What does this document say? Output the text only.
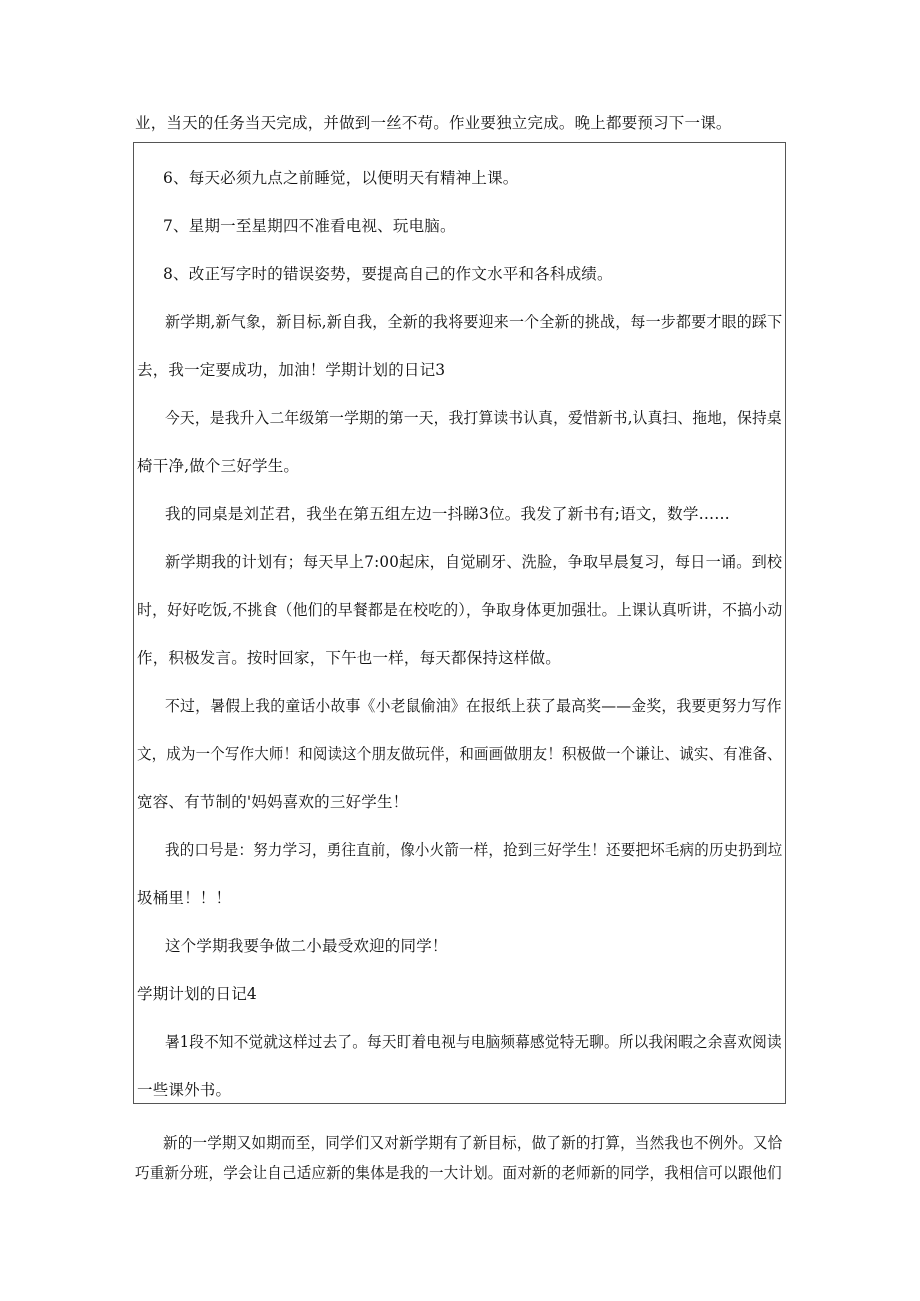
业，当天的任务当天完成，并做到一丝不苟。作业要独立完成。晚上都要预习下一课。
6、每天必须九点之前睡觉，以便明天有精神上课。
7、星期一至星期四不准看电视、玩电脑。
8、改正写字时的错误姿势，要提高自己的作文水平和各科成绩。
新学期,新气象，新目标,新自我，全新的我将要迎来一个全新的挑战，每一步都要才眼的踩下
去，我一定要成功，加油！学期计划的日记3
今天，是我升入二年级第一学期的第一天，我打算读书认真，爱惜新书,认真扫、拖地，保持桌
椅干净,做个三好学生。
我的同桌是刘芷君，我坐在第五组左边一抖睇3位。我发了新书有;语文，数学……
新学期我的计划有；每天早上7:00起床，自觉刷牙、洗脸，争取早晨复习，每日一诵。到校
时，好好吃饭,不挑食（他们的早餐都是在校吃的），争取身体更加强壮。上课认真听讲，不搞小动
作，积极发言。按时回家，下午也一样，每天都保持这样做。
不过，暑假上我的童话小故事《小老鼠偷油》在报纸上获了最高奖——金奖，我要更努力写作
文，成为一个写作大师！和阅读这个朋友做玩伴，和画画做朋友！积极做一个谦让、诚实、有准备、
宽容、有节制的'妈妈喜欢的三好学生！
我的口号是：努力学习，勇往直前，像小火箭一样，抢到三好学生！还要把坏毛病的历史扔到垃
圾桶里！！！
这个学期我要争做二小最受欢迎的同学！
学期计划的日记4
暑1段不知不觉就这样过去了。每天盯着电视与电脑频幕感觉特无聊。所以我闲暇之余喜欢阅读
一些课外书。
新的一学期又如期而至，同学们又对新学期有了新目标，做了新的打算，当然我也不例外。又恰
巧重新分班，学会让自己适应新的集体是我的一大计划。面对新的老师新的同学，我相信可以跟他们
